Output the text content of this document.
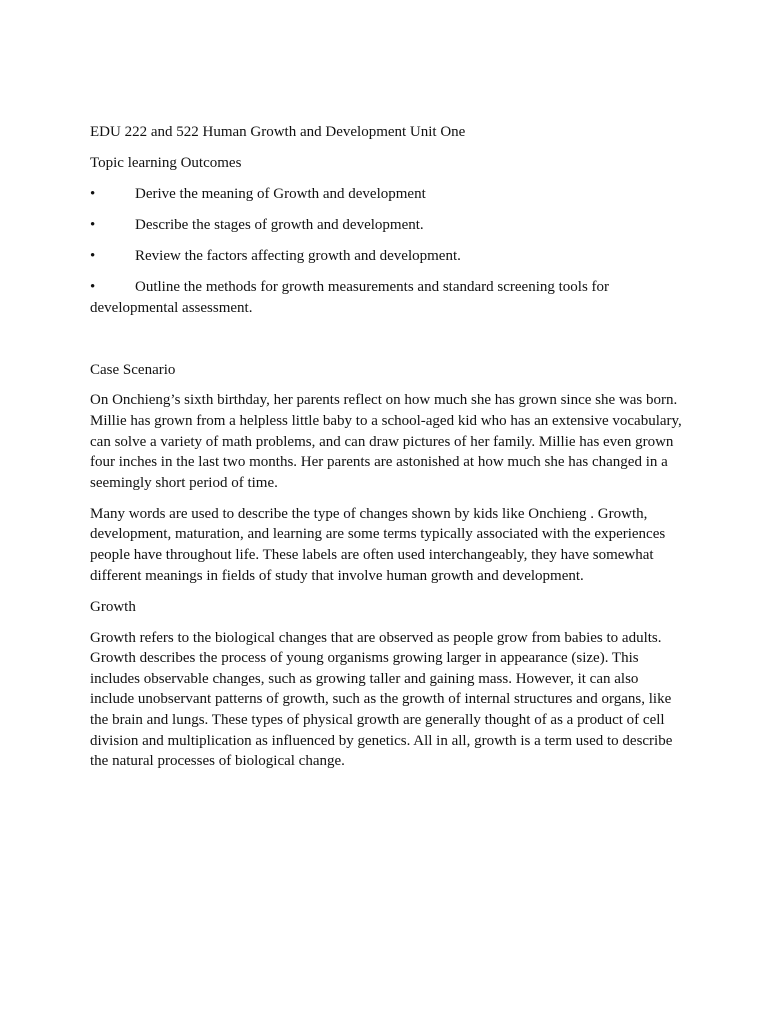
EDU 222 and 522 Human Growth and Development Unit One

Topic learning Outcomes

•	Derive the meaning of Growth and development

•	Describe the stages of growth and development.

•	Review the factors affecting growth and development.

•	Outline the methods for growth measurements and standard screening tools for developmental assessment.

Case Scenario

On Onchieng’s sixth birthday, her parents reflect on how much she has grown since she was born. Millie has grown from a helpless little baby to a school-aged kid who has an extensive vocabulary, can solve a variety of math problems, and can draw pictures of her family. Millie has even grown four inches in the last two months. Her parents are astonished at how much she has changed in a seemingly short period of time.

Many words are used to describe the type of changes shown by kids like Onchieng . Growth, development, maturation, and learning are some terms typically associated with the experiences people have throughout life. These labels are often used interchangeably, they have somewhat different meanings in fields of study that involve human growth and development.

Growth

Growth refers to the biological changes that are observed as people grow from babies to adults. Growth describes the process of young organisms growing larger in appearance (size). This includes observable changes, such as growing taller and gaining mass. However, it can also include unobservant patterns of growth, such as the growth of internal structures and organs, like the brain and lungs. These types of physical growth are generally thought of as a product of cell division and multiplication as influenced by genetics. All in all, growth is a term used to describe the natural processes of biological change.
